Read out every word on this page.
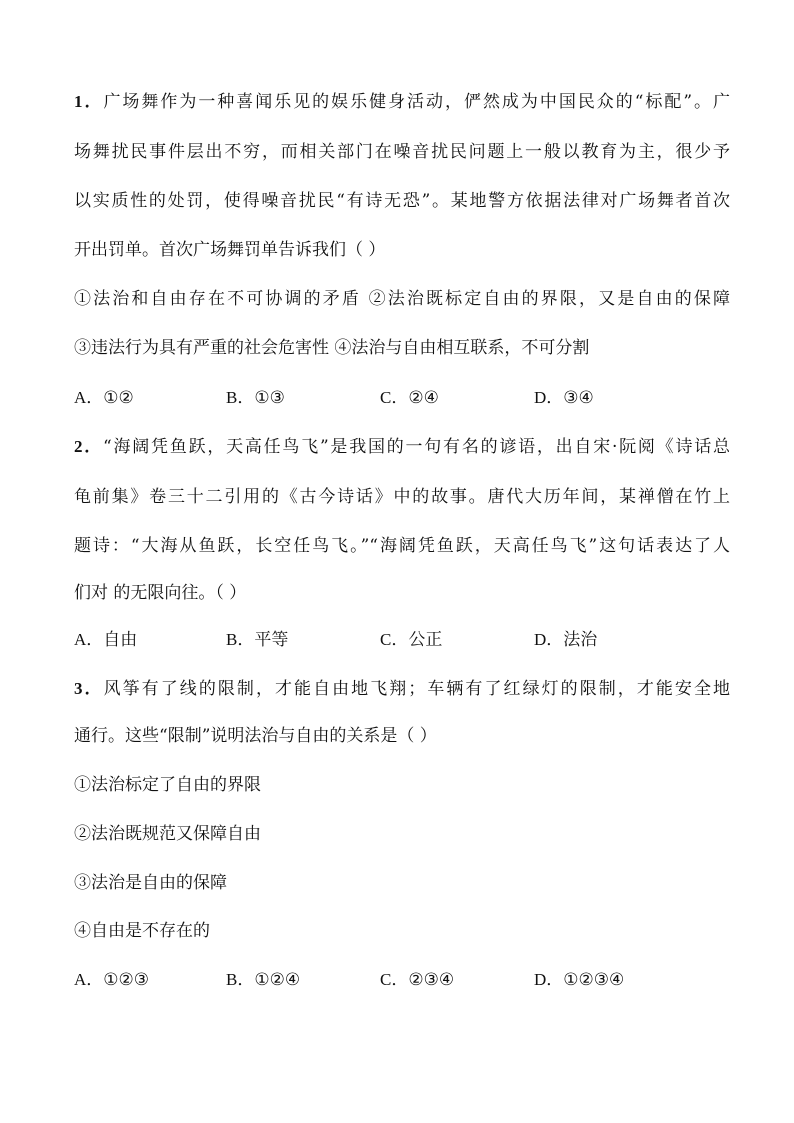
1．广场舞作为一种喜闻乐见的娱乐健身活动，俨然成为中国民众的“标配”。广
场舞扰民事件层出不穷，而相关部门在噪音扰民问题上一般以教育为主，很少予
以实质性的处罚，使得噪音扰民“有诗无恐”。某地警方依据法律对广场舞者首次
开出罚单。首次广场舞罚单告诉我们（ ）
①法治和自由存在不可协调的矛盾 ②法治既标定自由的界限，又是自由的保障
③违法行为具有严重的社会危害性 ④法治与自由相互联系，不可分割
A．①②	B．①③	C．②④	D．③④
2．“海阔凭鱼跃，天高任鸟飞”是我国的一句有名的谚语，出自宋·阮阅《诗话总
龟前集》卷三十二引用的《古今诗话》中的故事。唐代大历年间，某禅僧在竹上
题诗：“大海从鱼跃，长空任鸟飞。”“海阔凭鱼跃，天高任鸟飞”这句话表达了人
们对 的无限向往。（ ）
A．自由	B．平等	C．公正	D．法治
3．风筝有了线的限制，才能自由地飞翔；车辆有了红绿灯的限制，才能安全地
通行。这些“限制”说明法治与自由的关系是（ ）
①法治标定了自由的界限
②法治既规范又保障自由
③法治是自由的保障
④自由是不存在的
A．①②③	B．①②④	C．②③④	D．①②③④
